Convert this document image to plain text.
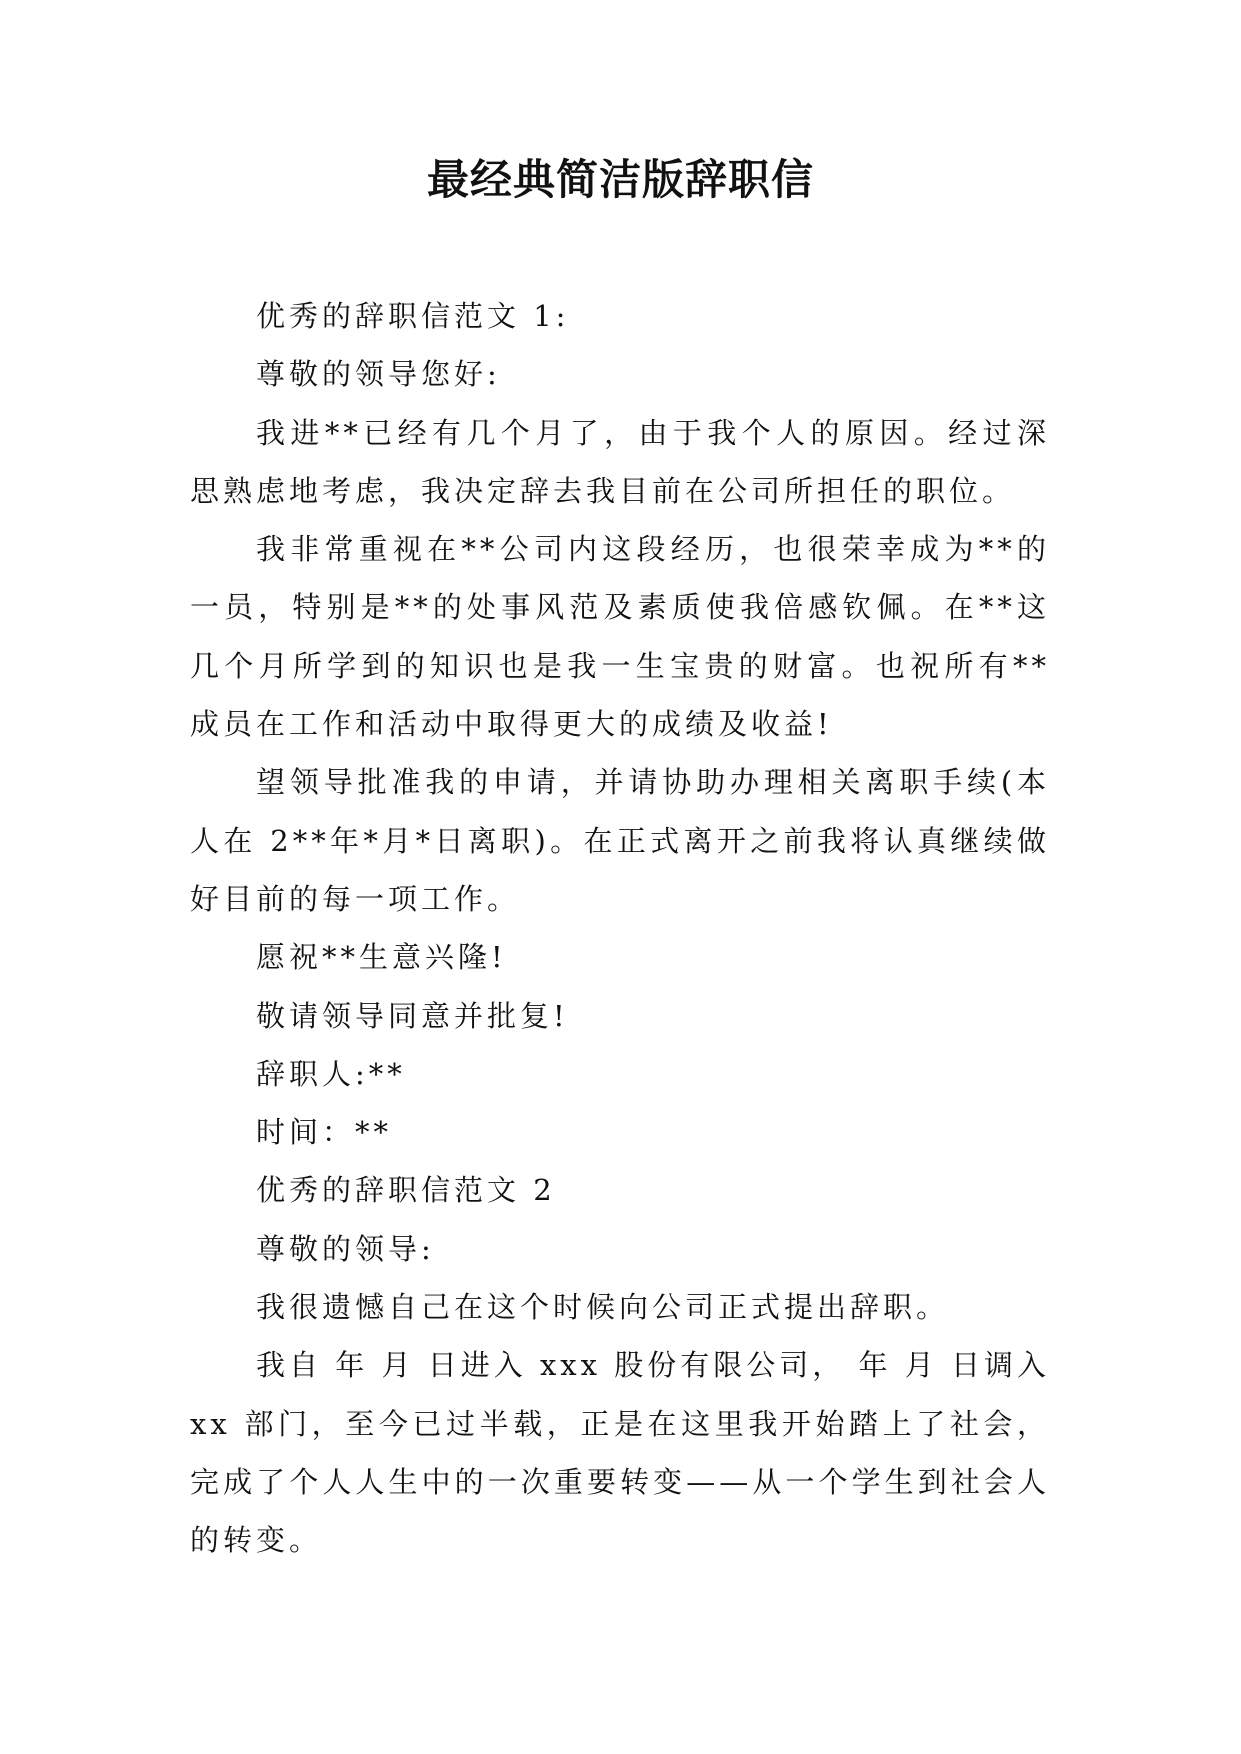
最经典简洁版辞职信

优秀的辞职信范文 1:

尊敬的领导您好:

我进**已经有几个月了，由于我个人的原因。经过深思熟虑地考虑，我决定辞去我目前在公司所担任的职位。

我非常重视在**公司内这段经历，也很荣幸成为**的一员，特别是**的处事风范及素质使我倍感钦佩。在**这几个月所学到的知识也是我一生宝贵的财富。也祝所有**成员在工作和活动中取得更大的成绩及收益!

望领导批准我的申请，并请协助办理相关离职手续(本人在 2**年*月*日离职)。在正式离开之前我将认真继续做好目前的每一项工作。

愿祝**生意兴隆!

敬请领导同意并批复!

辞职人:**

时间：**

优秀的辞职信范文 2

尊敬的领导:

我很遗憾自己在这个时候向公司正式提出辞职。

我自 年 月 日进入 xxx 股份有限公司， 年 月 日调入 xx 部门，至今已过半载，正是在这里我开始踏上了社会，完成了个人人生中的一次重要转变——从一个学生到社会人的转变。
